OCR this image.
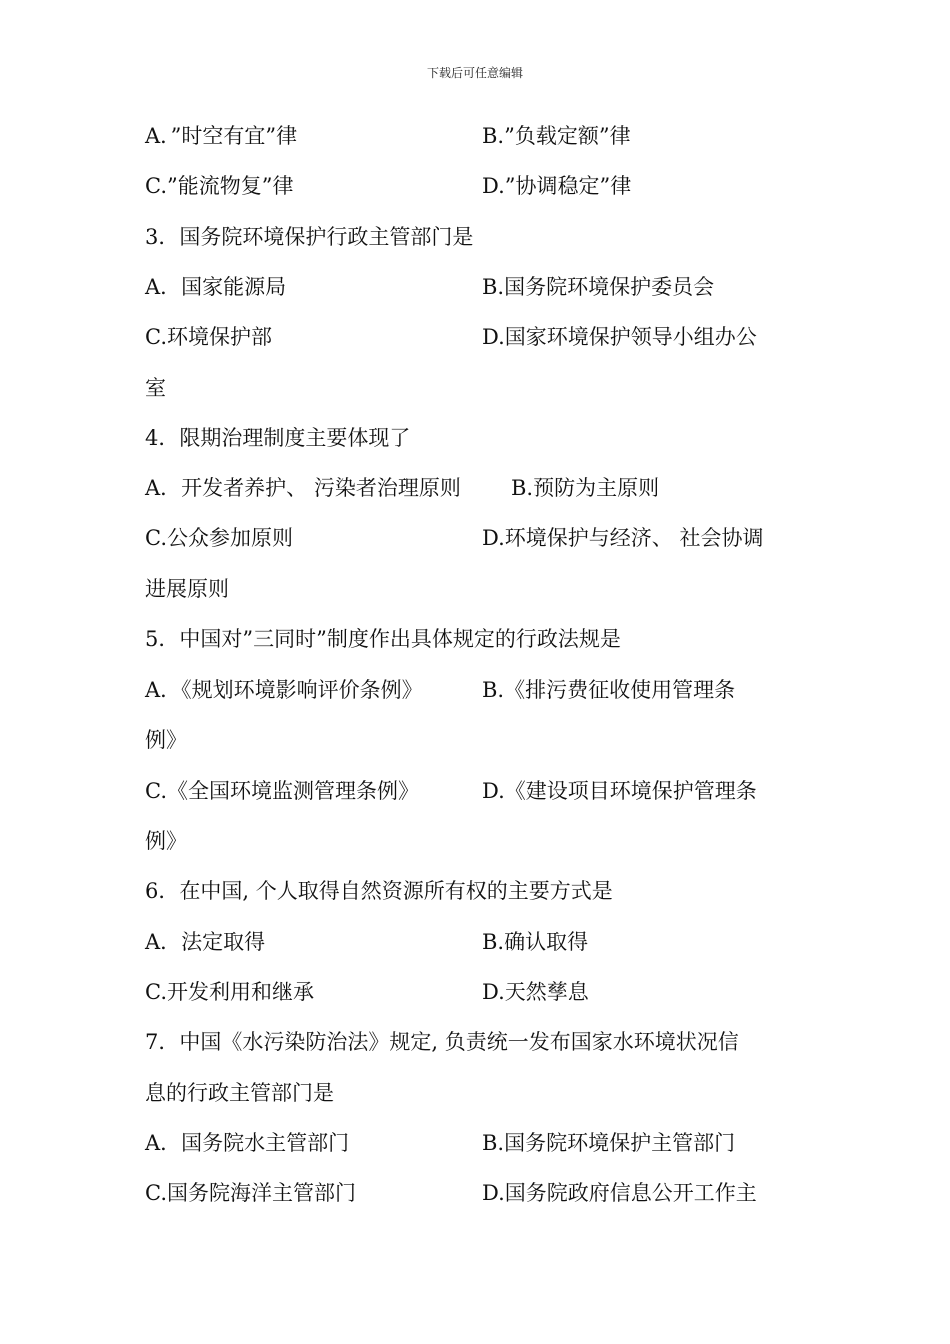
下载后可任意编辑
A．”时空有宜”律	B.”负载定额”律
C.”能流物复”律	D.”协调稳定”律
3．国务院环境保护行政主管部门是
A．国家能源局	B.国务院环境保护委员会
C.环境保护部	D.国家环境保护领导小组办公
室
4．限期治理制度主要体现了
A．开发者养护、 污染者治理原则 B.预防为主原则
C.公众参加原则	D.环境保护与经济、 社会协调
进展原则
5．中国对”三同时”制度作出具体规定的行政法规是
A．《规划环境影响评价条例》	B.《排污费征收使用管理条
例》
C.《全国环境监测管理条例》	D.《建设项目环境保护管理条
例》
6．在中国, 个人取得自然资源所有权的主要方式是
A．法定取得	B.确认取得
C.开发利用和继承	D.天然孳息
7．中国《水污染防治法》规定, 负责统一发布国家水环境状况信
息的行政主管部门是
A．国务院水主管部门	B.国务院环境保护主管部门
C.国务院海洋主管部门	D.国务院政府信息公开工作主
